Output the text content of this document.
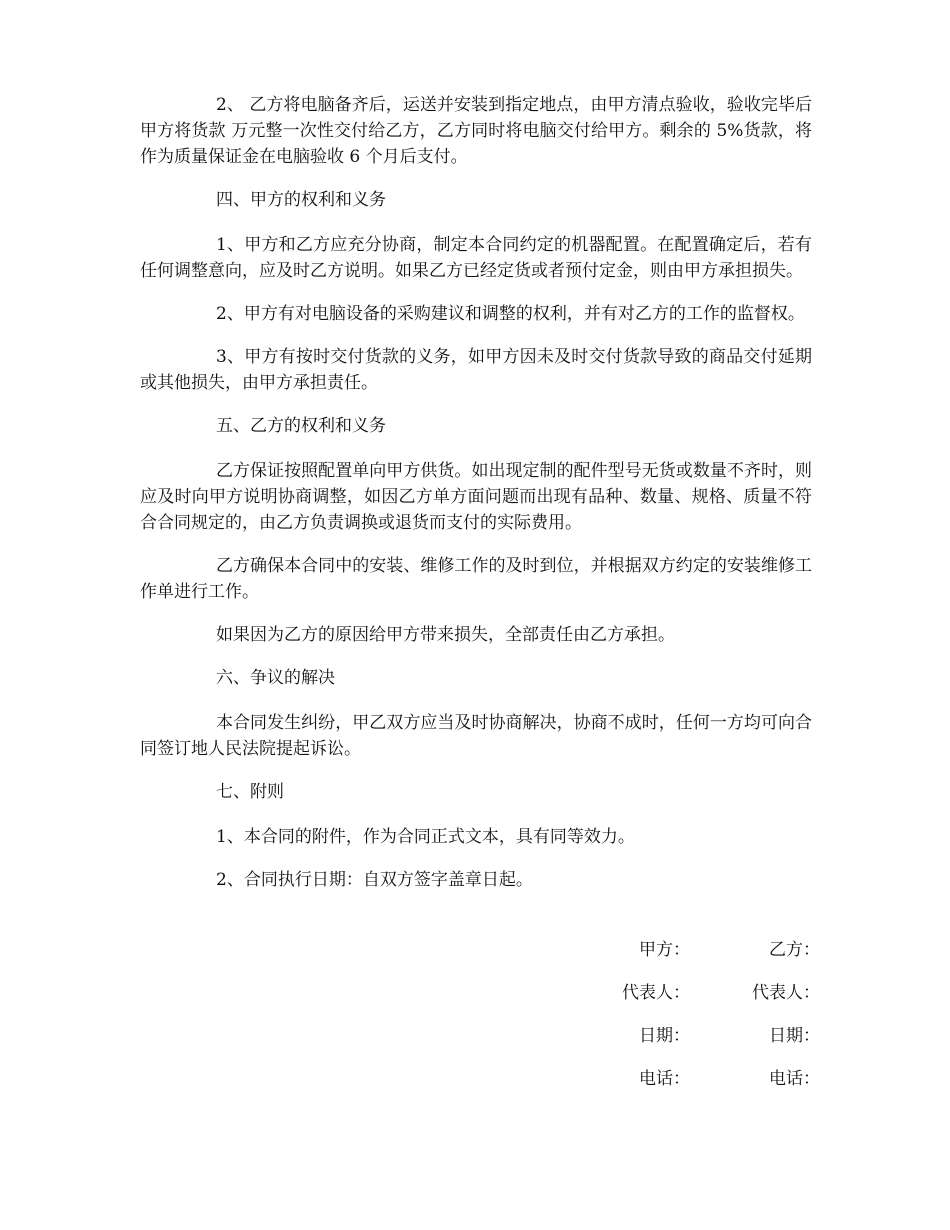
2、 乙方将电脑备齐后，运送并安装到指定地点，由甲方清点验收，验收完毕后甲方将货款 万元整一次性交付给乙方，乙方同时将电脑交付给甲方。剩余的 5%货款，将作为质量保证金在电脑验收 6 个月后支付。

四、甲方的权利和义务

1、甲方和乙方应充分协商，制定本合同约定的机器配置。在配置确定后，若有任何调整意向，应及时乙方说明。如果乙方已经定货或者预付定金，则由甲方承担损失。

2、甲方有对电脑设备的采购建议和调整的权利，并有对乙方的工作的监督权。

3、甲方有按时交付货款的义务，如甲方因未及时交付货款导致的商品交付延期或其他损失，由甲方承担责任。

五、乙方的权利和义务

乙方保证按照配置单向甲方供货。如出现定制的配件型号无货或数量不齐时，则应及时向甲方说明协商调整，如因乙方单方面问题而出现有品种、数量、规格、质量不符合合同规定的，由乙方负责调换或退货而支付的实际费用。

乙方确保本合同中的安装、维修工作的及时到位，并根据双方约定的安装维修工作单进行工作。

如果因为乙方的原因给甲方带来损失，全部责任由乙方承担。

六、争议的解决

本合同发生纠纷，甲乙双方应当及时协商解决，协商不成时，任何一方均可向合同签订地人民法院提起诉讼。

七、附则

1、本合同的附件，作为合同正式文本，具有同等效力。

2、合同执行日期：自双方签字盖章日起。

甲方：	乙方：
代表人：	代表人：
日期：	日期：
电话：	电话：
